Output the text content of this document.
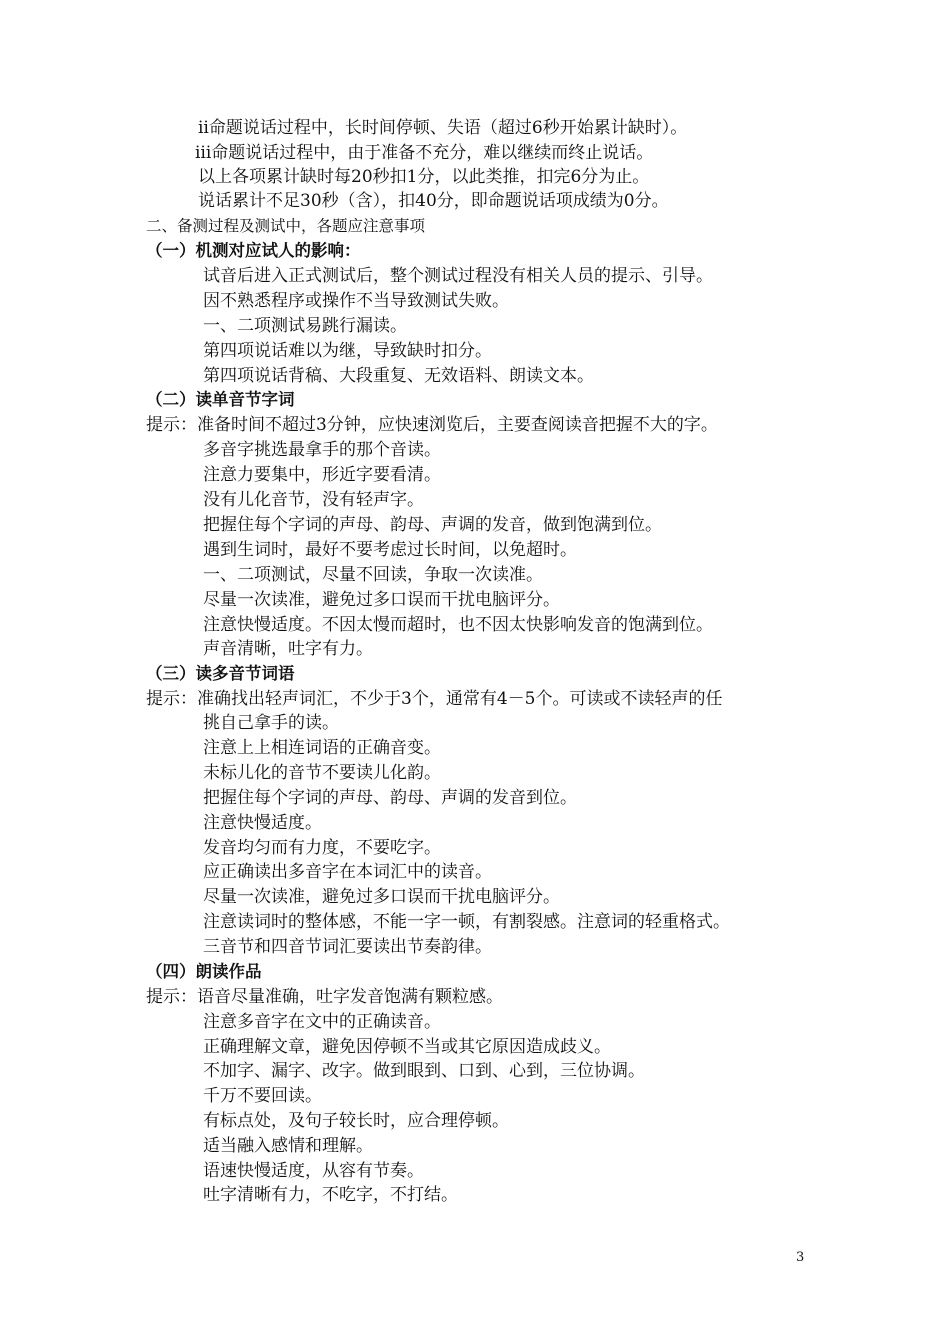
ⅱ命题说话过程中，长时间停顿、失语（超过6秒开始累计缺时）。
ⅲ命题说话过程中，由于准备不充分，难以继续而终止说话。
以上各项累计缺时每20秒扣1分，以此类推，扣完6分为止。
说话累计不足30秒（含），扣40分，即命题说话项成绩为0分。
二、备测过程及测试中，各题应注意事项
（一）机测对应试人的影响：
试音后进入正式测试后，整个测试过程没有相关人员的提示、引导。
因不熟悉程序或操作不当导致测试失败。
一、二项测试易跳行漏读。
第四项说话难以为继，导致缺时扣分。
第四项说话背稿、大段重复、无效语料、朗读文本。
（二）读单音节字词
提示：准备时间不超过3分钟，应快速浏览后，主要查阅读音把握不大的字。
多音字挑选最拿手的那个音读。
注意力要集中，形近字要看清。
没有儿化音节，没有轻声字。
把握住每个字词的声母、韵母、声调的发音，做到饱满到位。
遇到生词时，最好不要考虑过长时间，以免超时。
一、二项测试，尽量不回读，争取一次读准。
尽量一次读准，避免过多口误而干扰电脑评分。
注意快慢适度。不因太慢而超时，也不因太快影响发音的饱满到位。
声音清晰，吐字有力。
（三）读多音节词语
提示：准确找出轻声词汇，不少于3个，通常有4－5个。可读或不读轻声的任
挑自己拿手的读。
注意上上相连词语的正确音变。
未标儿化的音节不要读儿化韵。
把握住每个字词的声母、韵母、声调的发音到位。
注意快慢适度。
发音均匀而有力度，不要吃字。
应正确读出多音字在本词汇中的读音。
尽量一次读准，避免过多口误而干扰电脑评分。
注意读词时的整体感，不能一字一顿，有割裂感。注意词的轻重格式。
三音节和四音节词汇要读出节奏韵律。
（四）朗读作品
提示：语音尽量准确，吐字发音饱满有颗粒感。
注意多音字在文中的正确读音。
正确理解文章，避免因停顿不当或其它原因造成歧义。
不加字、漏字、改字。做到眼到、口到、心到，三位协调。
千万不要回读。
有标点处，及句子较长时，应合理停顿。
适当融入感情和理解。
语速快慢适度，从容有节奏。
吐字清晰有力，不吃字，不打结。
3
